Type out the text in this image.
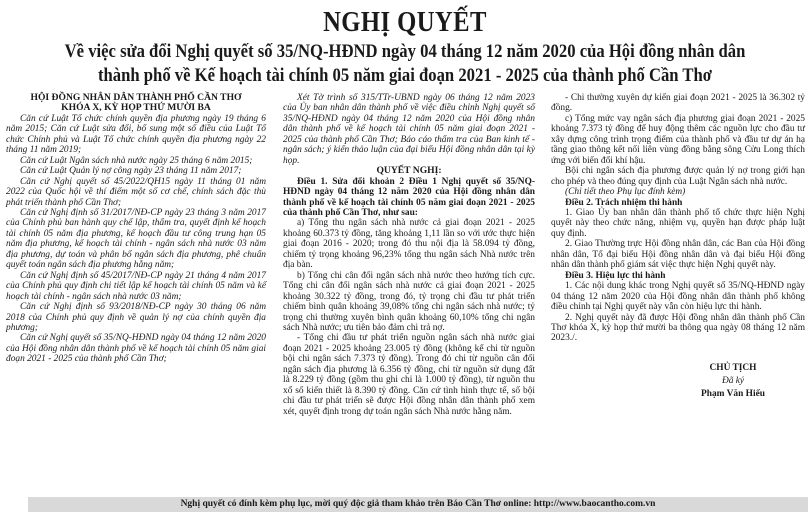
NGHỊ QUYẾT
Về việc sửa đổi Nghị quyết số 35/NQ-HĐND ngày 04 tháng 12 năm 2020 của Hội đồng nhân dân
thành phố về Kế hoạch tài chính 05 năm giai đoạn 2021 - 2025 của thành phố Cần Thơ

HỘI ĐỒNG NHÂN DÂN THÀNH PHỐ CẦN THƠ

KHÓA X, KỲ HỌP THỨ MƯỜI BA

Căn cứ Luật Tổ chức chính quyền địa phương ngày 19 tháng 6 năm 2015; Căn cứ Luật sửa đổi, bổ sung một số điều của Luật Tổ chức Chính phủ và Luật Tổ chức chính quyền địa phương ngày 22 tháng 11 năm 2019;

Căn cứ Luật Ngân sách nhà nước ngày 25 tháng 6 năm 2015;

Căn cứ Luật Quản lý nợ công ngày 23 tháng 11 năm 2017;

Căn cứ Nghị quyết số 45/2022/QH15 ngày 11 tháng 01 năm 2022 của Quốc hội về thí điểm một số cơ chế, chính sách đặc thù phát triển thành phố Cần Thơ;

Căn cứ Nghị định số 31/2017/NĐ-CP ngày 23 tháng 3 năm 2017 của Chính phủ ban hành quy chế lập, thẩm tra, quyết định kế hoạch tài chính 05 năm địa phương, kế hoạch đầu tư công trung hạn 05 năm địa phương, kế hoạch tài chính - ngân sách nhà nước 03 năm địa phương, dự toán và phân bổ ngân sách địa phương, phê chuẩn quyết toán ngân sách địa phương hằng năm;

Căn cứ Nghị định số 45/2017/NĐ-CP ngày 21 tháng 4 năm 2017 của Chính phủ quy định chi tiết lập kế hoạch tài chính 05 năm và kế hoạch tài chính - ngân sách nhà nước 03 năm;

Căn cứ Nghị định số 93/2018/NĐ-CP ngày 30 tháng 06 năm 2018 của Chính phủ quy định về quản lý nợ của chính quyền địa phương;

Căn cứ Nghị quyết số 35/NQ-HĐND ngày 04 tháng 12 năm 2020 của Hội đồng nhân dân thành phố về kế hoạch tài chính 05 năm giai đoạn 2021 - 2025 của thành phố Cần Thơ;

Xét Tờ trình số 315/TTr-UBND ngày 06 tháng 12 năm 2023 của Ủy ban nhân dân thành phố về việc điều chỉnh Nghị quyết số 35/NQ-HĐND ngày 04 tháng 12 năm 2020 của Hội đồng nhân dân thành phố về kế hoạch tài chính 05 năm giai đoạn 2021 - 2025 của thành phố Cần Thơ; Báo cáo thẩm tra của Ban kinh tế - ngân sách; ý kiến thảo luận của đại biểu Hội đồng nhân dân tại kỳ họp.

QUYẾT NGHỊ:

Điều 1. Sửa đổi khoản 2 Điều 1 Nghị quyết số 35/NQ-HĐND ngày 04 tháng 12 năm 2020 của Hội đồng nhân dân thành phố về kế hoạch tài chính 05 năm giai đoạn 2021 - 2025 của thành phố Cần Thơ, như sau:

a) Tổng thu ngân sách nhà nước cả giai đoạn 2021 - 2025 khoảng 60.373 tỷ đồng, tăng khoảng 1,11 lần so với ước thực hiện giai đoạn 2016 - 2020; trong đó thu nội địa là 58.094 tỷ đồng, chiếm tỷ trọng khoảng 96,23% tổng thu ngân sách Nhà nước trên địa bàn.

b) Tổng chi cân đối ngân sách nhà nước theo hướng tích cực. Tổng chi cân đối ngân sách nhà nước cả giai đoạn 2021 - 2025 khoảng 30.322 tỷ đồng, trong đó, tỷ trọng chi đầu tư phát triển chiếm bình quân khoảng 39,08% tổng chi ngân sách nhà nước; tỷ trọng chi thường xuyên bình quân khoảng 60,10% tổng chi ngân sách Nhà nước; ưu tiên bảo đảm chi trả nợ.

- Tổng chi đầu tư phát triển nguồn ngân sách nhà nước giai đoạn 2021 - 2025 khoảng 23.005 tỷ đồng (không kể chi từ nguồn bội chi ngân sách 7.373 tỷ đồng). Trong đó chi từ nguồn cân đối ngân sách địa phương là 6.356 tỷ đồng, chi từ nguồn sử dụng đất là 8.229 tỷ đồng (gồm thu ghi chi là 1.000 tỷ đồng), từ nguồn thu xổ số kiến thiết là 8.390 tỷ đồng. Căn cứ tình hình thực tế, số bội chi đầu tư phát triển sẽ được Hội đồng nhân dân thành phố xem xét, quyết định trong dự toán ngân sách Nhà nước hằng năm.

- Chi thường xuyên dự kiến giai đoạn 2021 - 2025 là 36.302 tỷ đồng.

c) Tổng mức vay ngân sách địa phương giai đoạn 2021 - 2025 khoảng 7.373 tỷ đồng để huy động thêm các nguồn lực cho đầu tư xây dựng công trình trọng điểm của thành phố và đầu tư dự án hạ tầng giao thông kết nối liên vùng đồng bằng sông Cửu Long thích ứng với biến đổi khí hậu.

Bội chi ngân sách địa phương được quản lý nợ trong giới hạn cho phép và theo đúng quy định của Luật Ngân sách nhà nước.

(Chi tiết theo Phụ lục đính kèm)

Điều 2. Trách nhiệm thi hành

1. Giao Ủy ban nhân dân thành phố tổ chức thực hiện Nghị quyết này theo chức năng, nhiệm vụ, quyền hạn được pháp luật quy định.

2. Giao Thường trực Hội đồng nhân dân, các Ban của Hội đồng nhân dân, Tổ đại biểu Hội đồng nhân dân và đại biểu Hội đồng nhân dân thành phố giám sát việc thực hiện Nghị quyết này.

Điều 3. Hiệu lực thi hành

1. Các nội dung khác trong Nghị quyết số 35/NQ-HĐND ngày 04 tháng 12 năm 2020 của Hội đồng nhân dân thành phố không điều chỉnh tại Nghị quyết này vẫn còn hiệu lực thi hành.

2. Nghị quyết này đã được Hội đồng nhân dân thành phố Cần Thơ khóa X, kỳ họp thứ mười ba thông qua ngày 08 tháng 12 năm 2023./.

CHỦ TỊCH
Đã ký
Phạm Văn Hiếu
Nghị quyết có đính kèm phụ lục, mời quý độc giả tham khảo trên Báo Cần Thơ online: http://www.baocantho.com.vn
